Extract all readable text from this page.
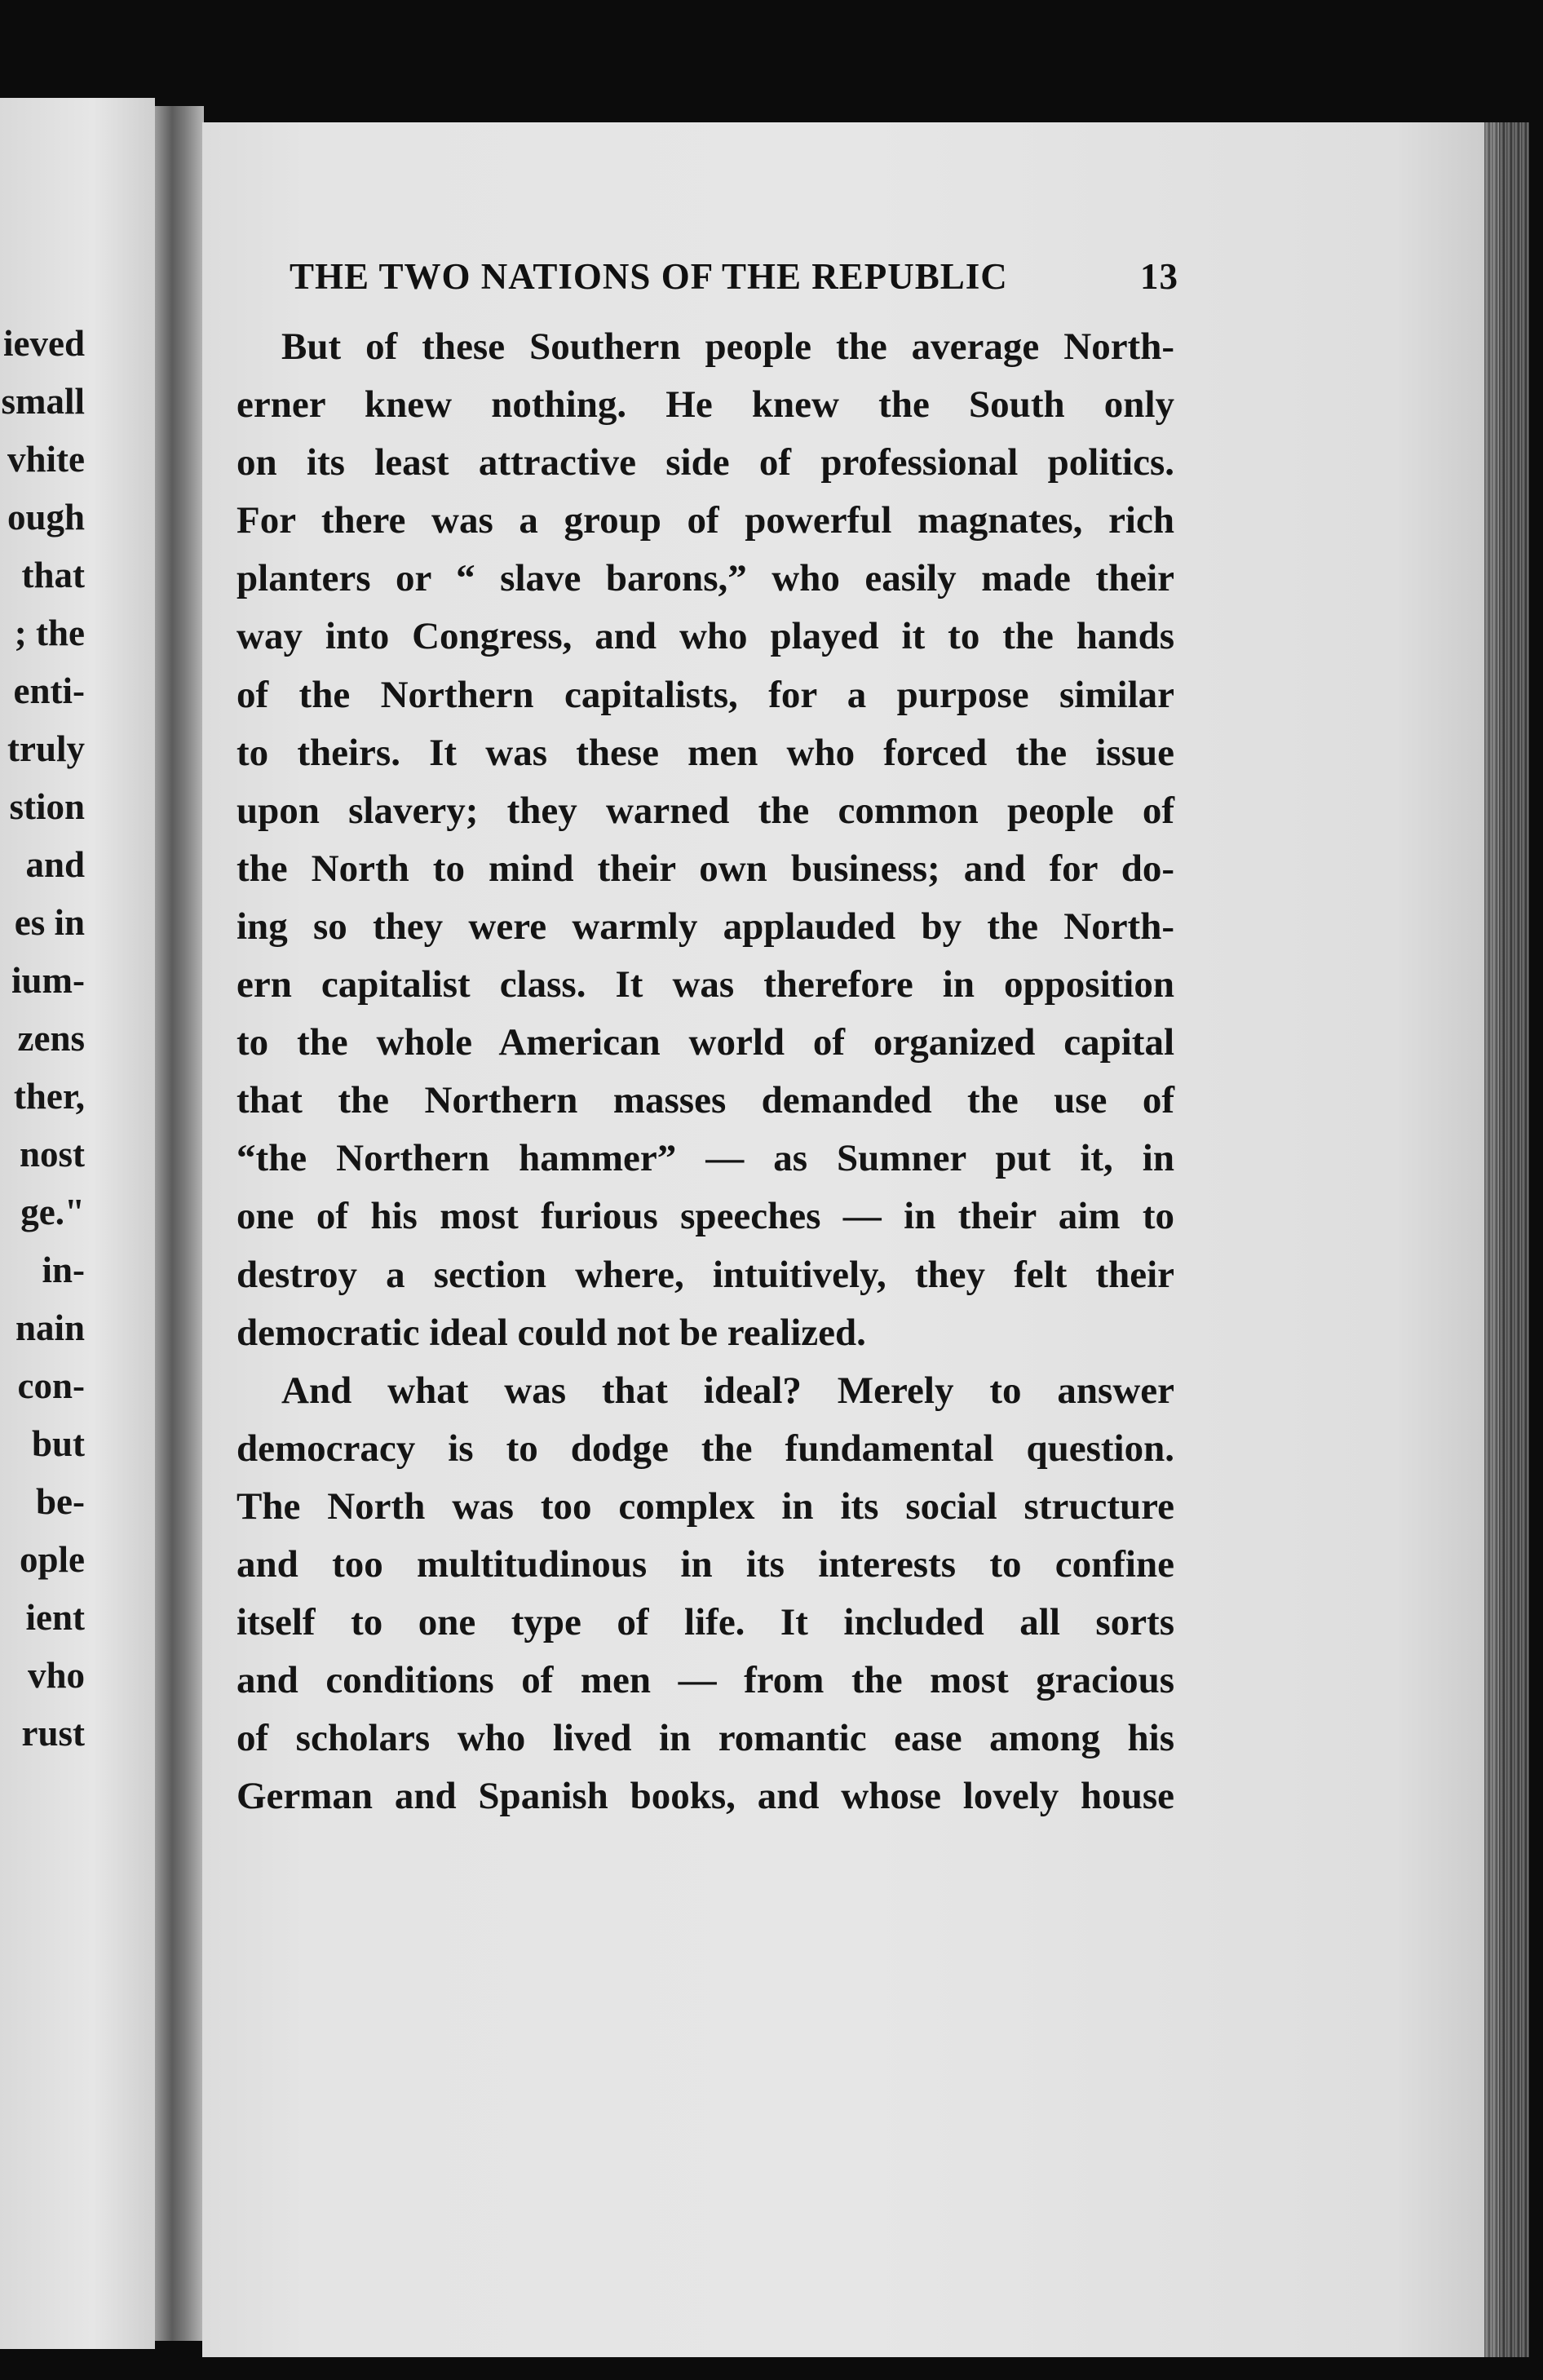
ieved
small
vhite
ough
that
; the
enti-
truly
stion
and
es in
ium-
zens
ther,
nost
ge."
in-
nain
con-
but
be-
ople
ient
vho
rust
THE TWO NATIONS OF THE REPUBLIC	13
But of these Southern people the average North-
erner knew nothing. He knew the South only
on its least attractive side of professional politics.
For there was a group of powerful magnates, rich
planters or “ slave barons,” who easily made their
way into Congress, and who played it to the hands
of the Northern capitalists, for a purpose similar
to theirs. It was these men who forced the issue
upon slavery; they warned the common people of
the North to mind their own business; and for do-
ing so they were warmly applauded by the North-
ern capitalist class. It was therefore in opposition
to the whole American world of organized capital
that the Northern masses demanded the use of
“the Northern hammer” — as Sumner put it, in
one of his most furious speeches — in their aim to
destroy a section where, intuitively, they felt their
democratic ideal could not be realized.
And what was that ideal? Merely to answer
democracy is to dodge the fundamental question.
The North was too complex in its social structure
and too multitudinous in its interests to confine
itself to one type of life. It included all sorts
and conditions of men — from the most gracious
of scholars who lived in romantic ease among his
German and Spanish books, and whose lovely house
